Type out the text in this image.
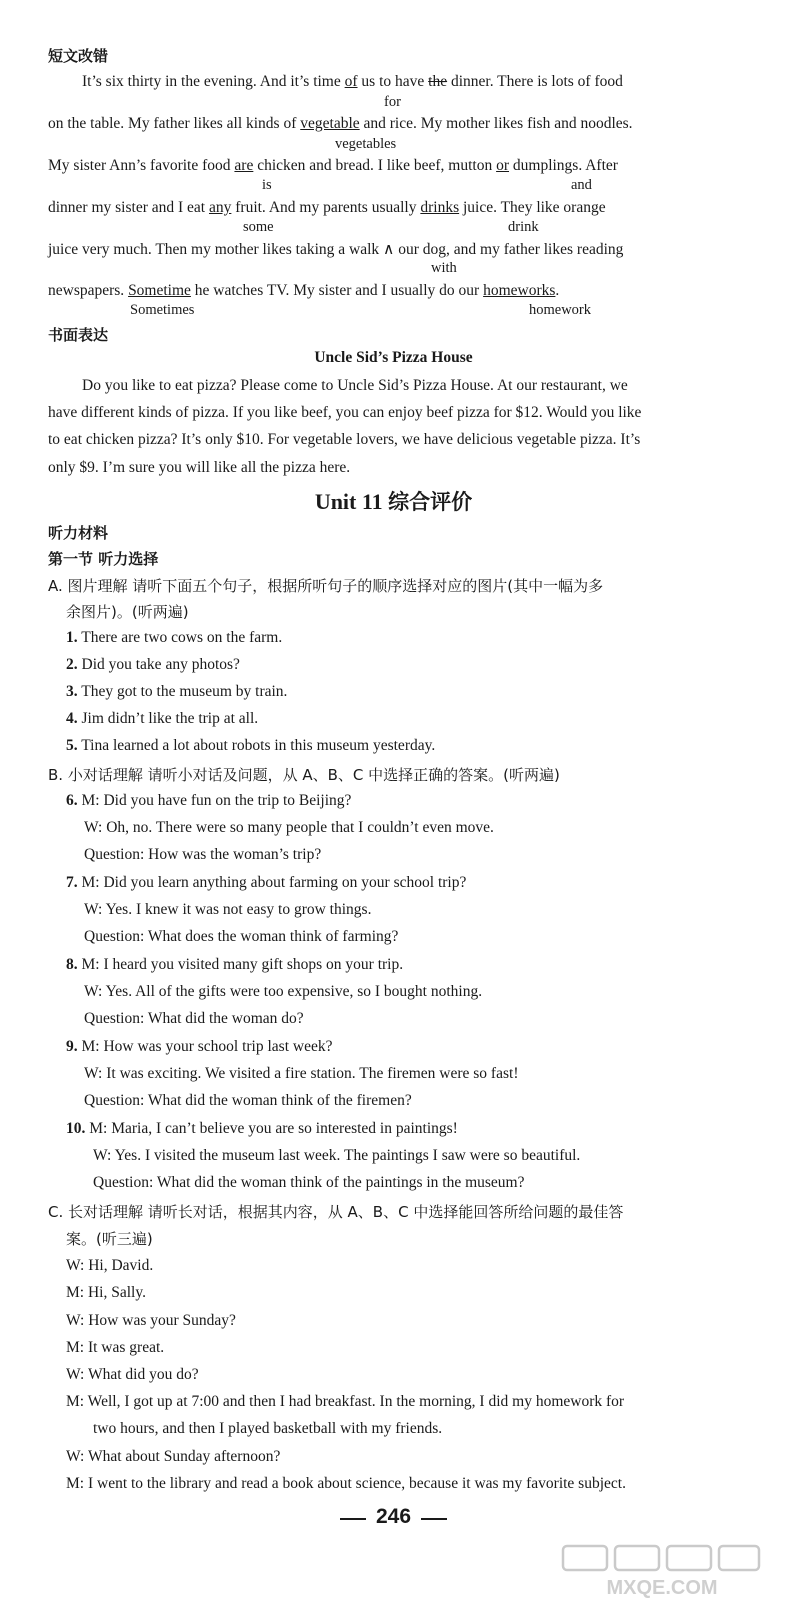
短文改错
It’s six thirty in the evening. And it’s time of us to have the dinner. There is lots of food
for
on the table. My father likes all kinds of vegetable and rice. My mother likes fish and noodles.
vegetables
My sister Ann’s favorite food are chicken and bread. I like beef, mutton or dumplings. After
is	and
dinner my sister and I eat any fruit. And my parents usually drinks juice. They like orange
some	drink
juice very much. Then my mother likes taking a walk ∧ our dog, and my father likes reading
with
newspapers. Sometime he watches TV. My sister and I usually do our homeworks.
Sometimes	homework
书面表达
Uncle Sid’s Pizza House
Do you like to eat pizza? Please come to Uncle Sid’s Pizza House. At our restaurant, we
have different kinds of pizza. If you like beef, you can enjoy beef pizza for $12. Would you like
to eat chicken pizza? It’s only $10. For vegetable lovers, we have delicious vegetable pizza. It’s
only $9. I’m sure you will like all the pizza here.
Unit 11 综合评价
听力材料
第一节 听力选择
A. 图片理解 请听下面五个句子，根据所听句子的顺序选择对应的图片(其中一幅为多
余图片)。(听两遍)
1. There are two cows on the farm.
2. Did you take any photos?
3. They got to the museum by train.
4. Jim didn’t like the trip at all.
5. Tina learned a lot about robots in this museum yesterday.
B. 小对话理解 请听小对话及问题，从 A、B、C 中选择正确的答案。(听两遍)
6. M: Did you have fun on the trip to Beijing?
W: Oh, no. There were so many people that I couldn’t even move.
Question: How was the woman’s trip?
7. M: Did you learn anything about farming on your school trip?
W: Yes. I knew it was not easy to grow things.
Question: What does the woman think of farming?
8. M: I heard you visited many gift shops on your trip.
W: Yes. All of the gifts were too expensive, so I bought nothing.
Question: What did the woman do?
9. M: How was your school trip last week?
W: It was exciting. We visited a fire station. The firemen were so fast!
Question: What did the woman think of the firemen?
10. M: Maria, I can’t believe you are so interested in paintings!
W: Yes. I visited the museum last week. The paintings I saw were so beautiful.
Question: What did the woman think of the paintings in the museum?
C. 长对话理解 请听长对话，根据其内容，从 A、B、C 中选择能回答所给问题的最佳答
案。(听三遍)
W: Hi, David.
M: Hi, Sally.
W: How was your Sunday?
M: It was great.
W: What did you do?
M: Well, I got up at 7:00 and then I had breakfast. In the morning, I did my homework for
two hours, and then I played basketball with my friends.
W: What about Sunday afternoon?
M: I went to the library and read a book about science, because it was my favorite subject.
246
MXQE.COM
